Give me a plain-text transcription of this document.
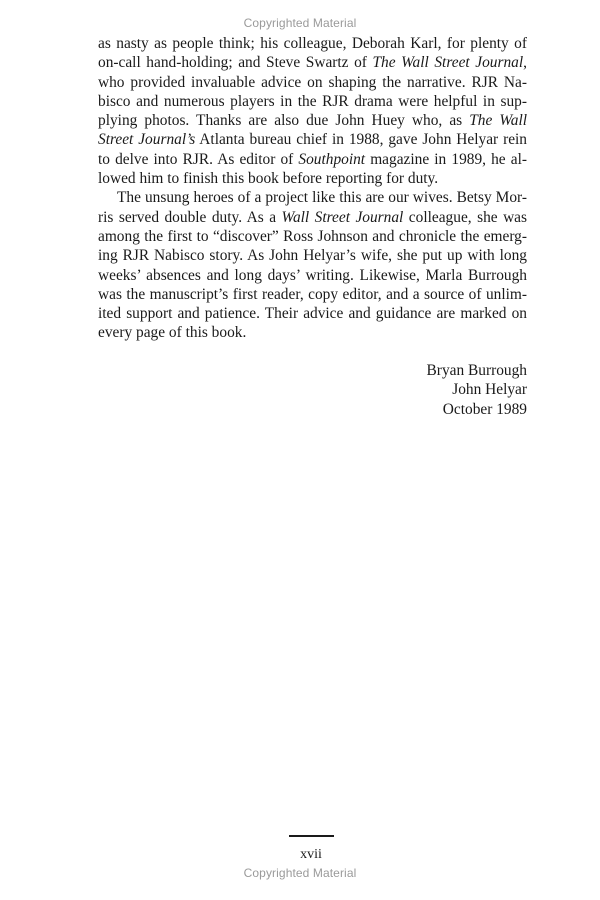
Copyrighted Material

as nasty as people think; his colleague, Deborah Karl, for plenty of
on-call hand-holding; and Steve Swartz of The Wall Street Journal,
who provided invaluable advice on shaping the narrative. RJR Na-
bisco and numerous players in the RJR drama were helpful in sup-
plying photos. Thanks are also due John Huey who, as The Wall
Street Journal’s Atlanta bureau chief in 1988, gave John Helyar rein
to delve into RJR. As editor of Southpoint magazine in 1989, he al-
lowed him to finish this book before reporting for duty.

The unsung heroes of a project like this are our wives. Betsy Mor-
ris served double duty. As a Wall Street Journal colleague, she was
among the first to “discover” Ross Johnson and chronicle the emerg-
ing RJR Nabisco story. As John Helyar’s wife, she put up with long
weeks’ absences and long days’ writing. Likewise, Marla Burrough
was the manuscript’s first reader, copy editor, and a source of unlim-
ited support and patience. Their advice and guidance are marked on
every page of this book.

Bryan Burrough
John Helyar
October 1989
xvii
Copyrighted Material
